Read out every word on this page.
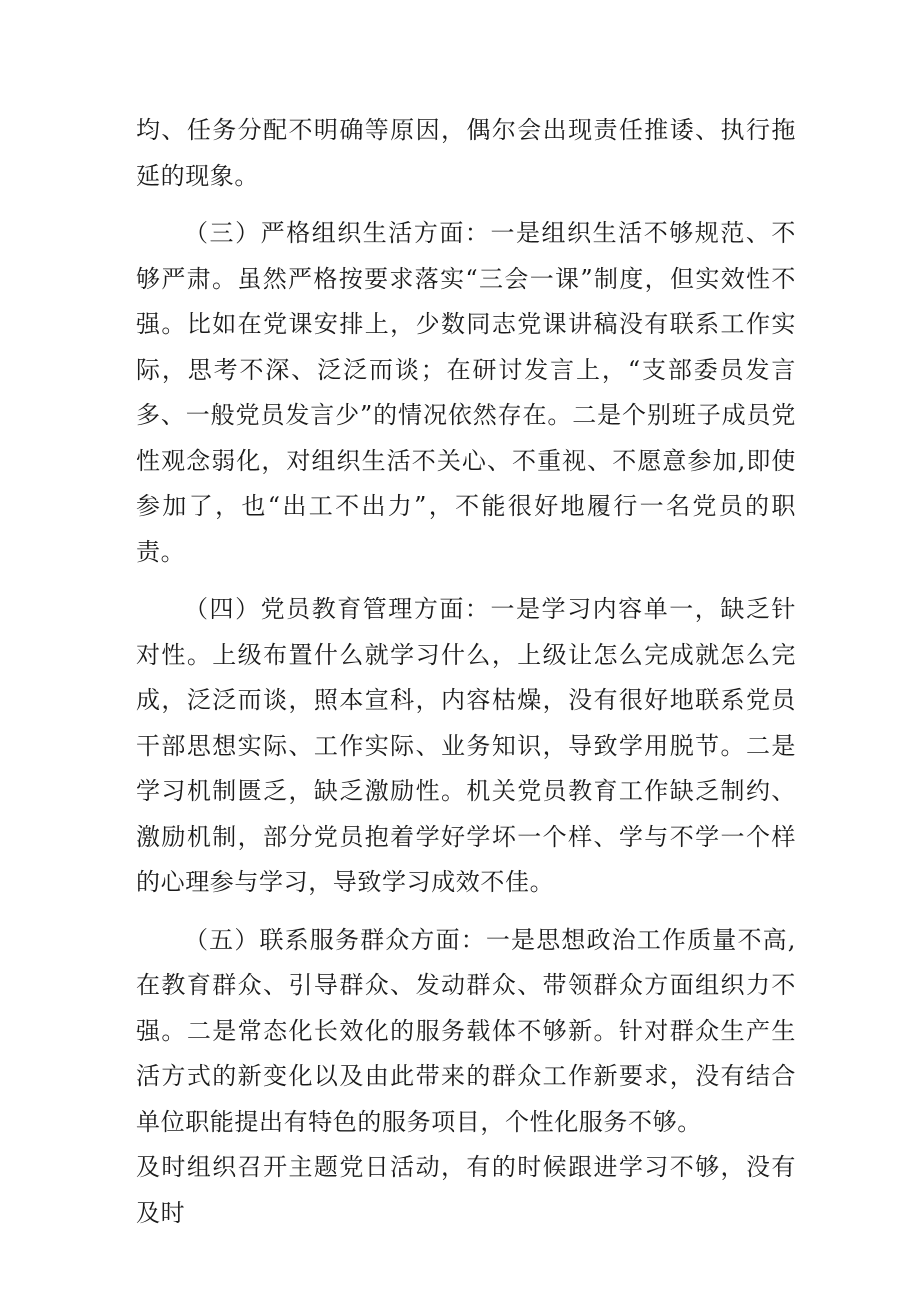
均、任务分配不明确等原因，偶尔会出现责任推诿、执行拖延的现象。

（三）严格组织生活方面：一是组织生活不够规范、不够严肃。虽然严格按要求落实“三会一课”制度，但实效性不强。比如在党课安排上，少数同志党课讲稿没有联系工作实际，思考不深、泛泛而谈；在研讨发言上，“支部委员发言多、一般党员发言少”的情况依然存在。二是个别班子成员党性观念弱化，对组织生活不关心、不重视、不愿意参加,即使参加了，也“出工不出力”，不能很好地履行一名党员的职责。

（四）党员教育管理方面：一是学习内容单一，缺乏针对性。上级布置什么就学习什么，上级让怎么完成就怎么完成，泛泛而谈，照本宣科，内容枯燥，没有很好地联系党员干部思想实际、工作实际、业务知识，导致学用脱节。二是学习机制匮乏，缺乏激励性。机关党员教育工作缺乏制约、激励机制，部分党员抱着学好学坏一个样、学与不学一个样的心理参与学习，导致学习成效不佳。

（五）联系服务群众方面：一是思想政治工作质量不高,在教育群众、引导群众、发动群众、带领群众方面组织力不强。二是常态化长效化的服务载体不够新。针对群众生产生活方式的新变化以及由此带来的群众工作新要求，没有结合单位职能提出有特色的服务项目，个性化服务不够。

及时组织召开主题党日活动，有的时候跟进学习不够，没有及时
